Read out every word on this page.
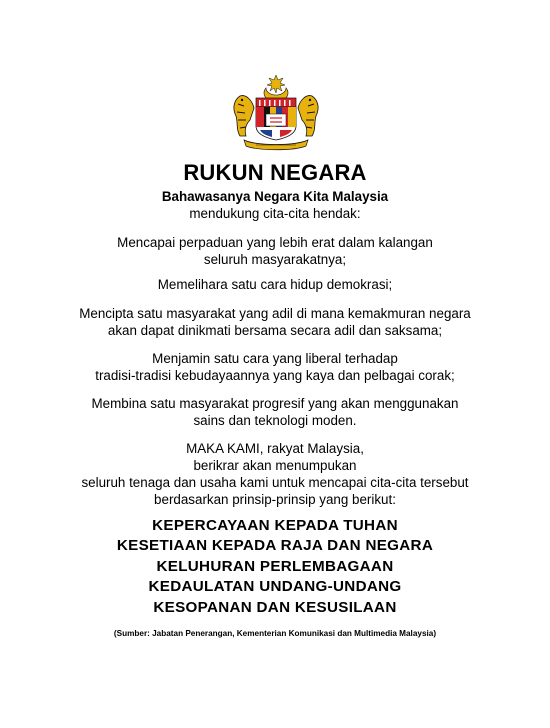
RUKUN NEGARA
Bahawasanya Negara Kita Malaysia
mendukung cita-cita hendak:
Mencapai perpaduan yang lebih erat dalam kalangan
seluruh masyarakatnya;
Memelihara satu cara hidup demokrasi;
Mencipta satu masyarakat yang adil di mana kemakmuran negara
akan dapat dinikmati bersama secara adil dan saksama;
Menjamin satu cara yang liberal terhadap
tradisi-tradisi kebudayaannya yang kaya dan pelbagai corak;
Membina satu masyarakat progresif yang akan menggunakan
sains dan teknologi moden.
MAKA KAMI, rakyat Malaysia,
berikrar akan menumpukan
seluruh tenaga dan usaha kami untuk mencapai cita-cita tersebut
berdasarkan prinsip-prinsip yang berikut:
KEPERCAYAAN KEPADA TUHAN
KESETIAAN KEPADA RAJA DAN NEGARA
KELUHURAN PERLEMBAGAAN
KEDAULATAN UNDANG-UNDANG
KESOPANAN DAN KESUSILAAN
(Sumber: Jabatan Penerangan, Kementerian Komunikasi dan Multimedia Malaysia)
